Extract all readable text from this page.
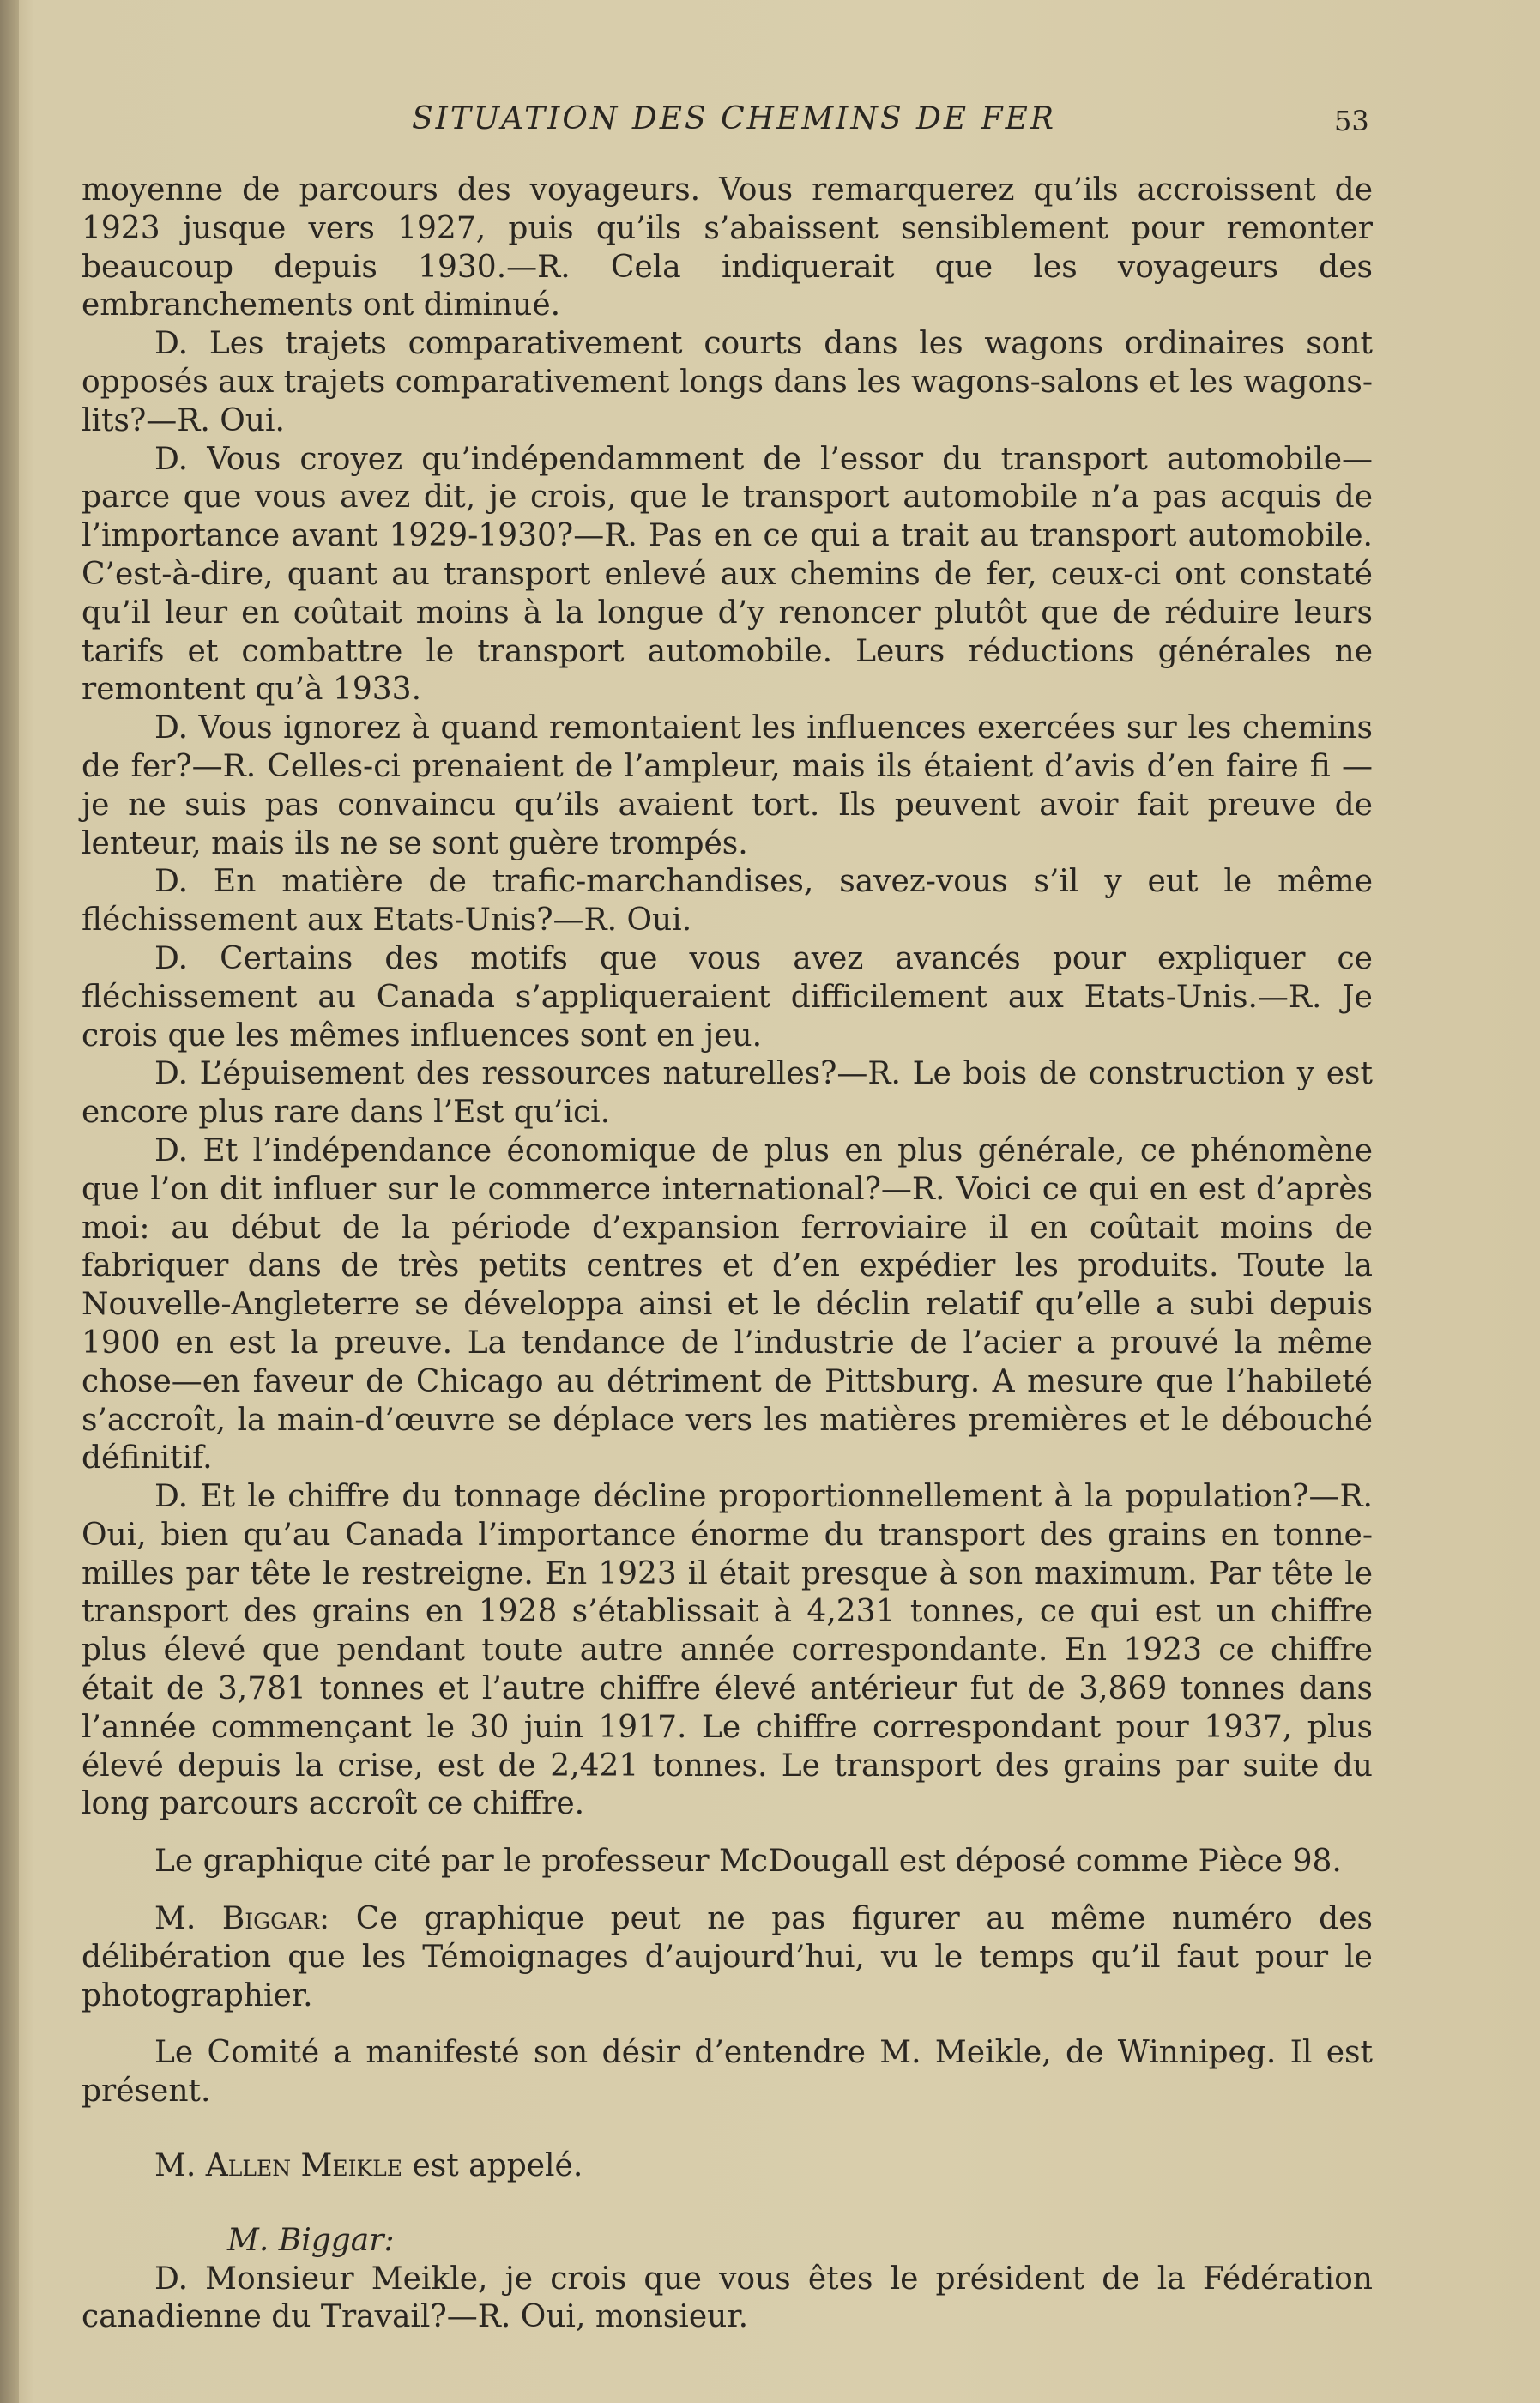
SITUATION DES CHEMINS DE FER	53

moyenne de parcours des voyageurs. Vous remarquerez qu’ils accroissent de 1923 jusque vers 1927, puis qu’ils s’abaissent sensiblement pour remonter beaucoup depuis 1930.—R. Cela indiquerait que les voyageurs des embranchements ont diminué.

D. Les trajets comparativement courts dans les wagons ordinaires sont opposés aux trajets comparativement longs dans les wagons-salons et les wagons-lits?—R. Oui.

D. Vous croyez qu’indépendamment de l’essor du transport automobile—parce que vous avez dit, je crois, que le transport automobile n’a pas acquis de l’importance avant 1929-1930?—R. Pas en ce qui a trait au transport automobile. C’est-à-dire, quant au transport enlevé aux chemins de fer, ceux-ci ont constaté qu’il leur en coûtait moins à la longue d’y renoncer plutôt que de réduire leurs tarifs et combattre le transport automobile. Leurs réductions générales ne remontent qu’à 1933.

D. Vous ignorez à quand remontaient les influences exercées sur les chemins de fer?—R. Celles-ci prenaient de l’ampleur, mais ils étaient d’avis d’en faire fi —je ne suis pas convaincu qu’ils avaient tort. Ils peuvent avoir fait preuve de lenteur, mais ils ne se sont guère trompés.

D. En matière de trafic-marchandises, savez-vous s’il y eut le même fléchissement aux Etats-Unis?—R. Oui.

D. Certains des motifs que vous avez avancés pour expliquer ce fléchissement au Canada s’appliqueraient difficilement aux Etats-Unis.—R. Je crois que les mêmes influences sont en jeu.

D. L’épuisement des ressources naturelles?—R. Le bois de construction y est encore plus rare dans l’Est qu’ici.

D. Et l’indépendance économique de plus en plus générale, ce phénomène que l’on dit influer sur le commerce international?—R. Voici ce qui en est d’après moi: au début de la période d’expansion ferroviaire il en coûtait moins de fabriquer dans de très petits centres et d’en expédier les produits. Toute la Nouvelle-Angleterre se développa ainsi et le déclin relatif qu’elle a subi depuis 1900 en est la preuve. La tendance de l’industrie de l’acier a prouvé la même chose—en faveur de Chicago au détriment de Pittsburg. A mesure que l’habileté s’accroît, la main-d’œuvre se déplace vers les matières premières et le débouché définitif.

D. Et le chiffre du tonnage décline proportionnellement à la population?—R. Oui, bien qu’au Canada l’importance énorme du transport des grains en tonne-milles par tête le restreigne. En 1923 il était presque à son maximum. Par tête le transport des grains en 1928 s’établissait à 4,231 tonnes, ce qui est un chiffre plus élevé que pendant toute autre année correspondante. En 1923 ce chiffre était de 3,781 tonnes et l’autre chiffre élevé antérieur fut de 3,869 tonnes dans l’année commençant le 30 juin 1917. Le chiffre correspondant pour 1937, plus élevé depuis la crise, est de 2,421 tonnes. Le transport des grains par suite du long parcours accroît ce chiffre.

Le graphique cité par le professeur McDougall est déposé comme Pièce 98.

M. Biggar: Ce graphique peut ne pas figurer au même numéro des délibération que les Témoignages d’aujourd’hui, vu le temps qu’il faut pour le photographier.

Le Comité a manifesté son désir d’entendre M. Meikle, de Winnipeg. Il est présent.

M. Allen Meikle est appelé.

M. Biggar:

D. Monsieur Meikle, je crois que vous êtes le président de la Fédération canadienne du Travail?—R. Oui, monsieur.
